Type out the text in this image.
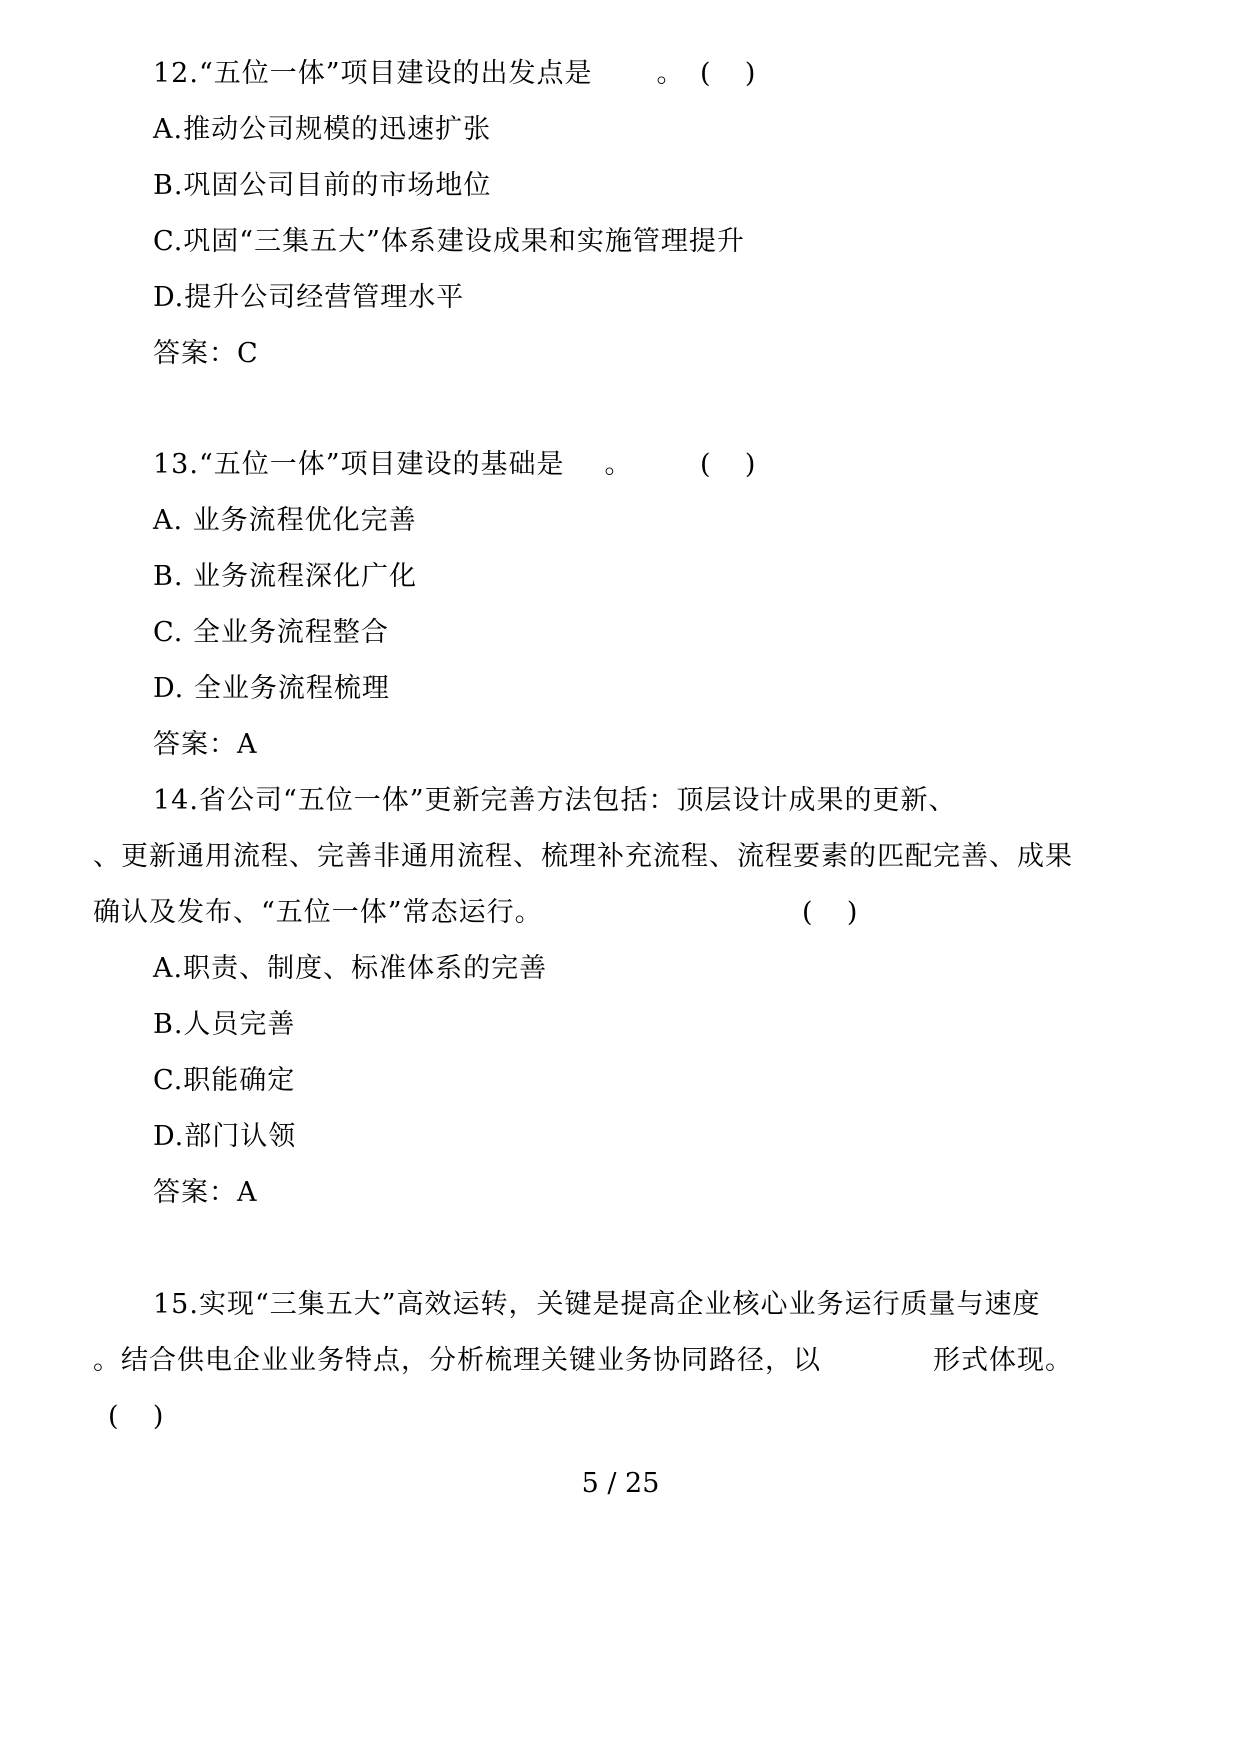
12.“五位一体”项目建设的出发点是 。 (    )
A.推动公司规模的迅速扩张
B.巩固公司目前的市场地位
C.巩固“三集五大”体系建设成果和实施管理提升
D.提升公司经营管理水平
答案：C
13.“五位一体”项目建设的基础是 。 (    )
A. 业务流程优化完善
B. 业务流程深化广化
C. 全业务流程整合
D. 全业务流程梳理
答案：A
14.省公司“五位一体”更新完善方法包括：顶层设计成果的更新、
、更新通用流程、完善非通用流程、梳理补充流程、流程要素的匹配完善、成果
确认及发布、“五位一体”常态运行。	(    )
A.职责、制度、标准体系的完善
B.人员完善
C.职能确定
D.部门认领
答案：A
15.实现“三集五大”高效运转，关键是提高企业核心业务运行质量与速度
。结合供电企业业务特点，分析梳理关键业务协同路径，以	形式体现。
(    )
5 / 25
